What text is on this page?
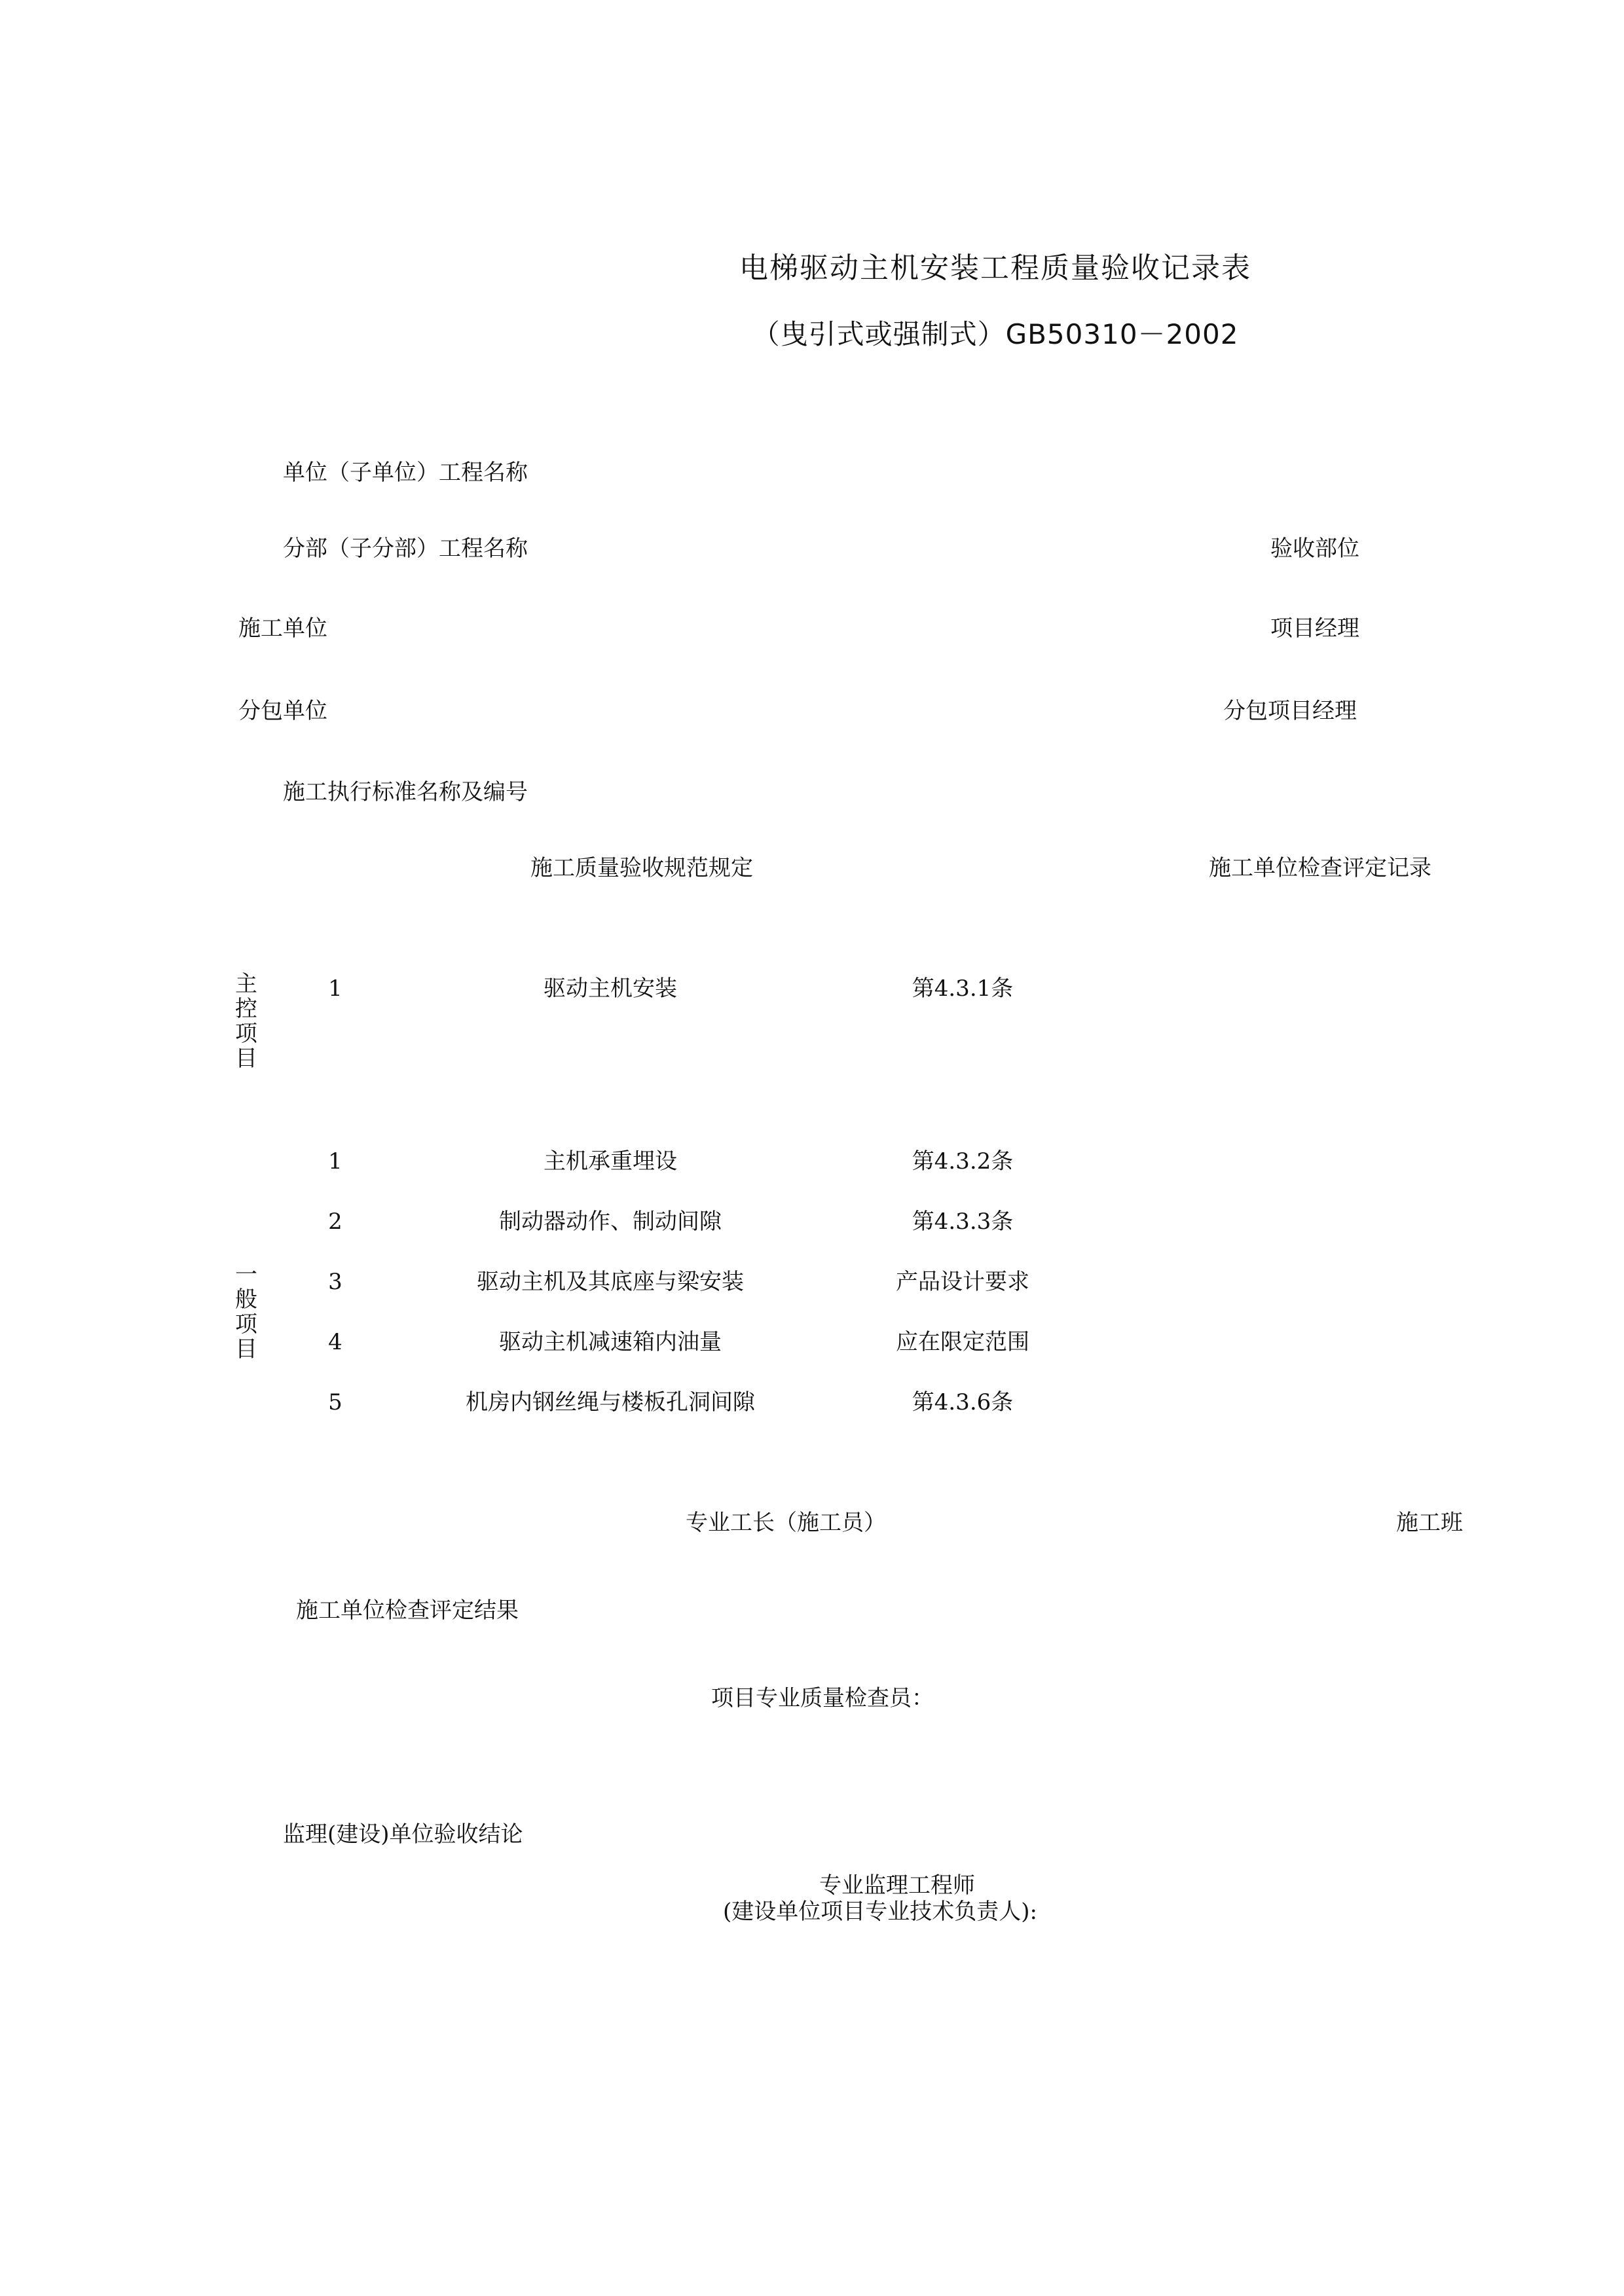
电梯驱动主机安装工程质量验收记录表
（曳引式或强制式）GB50310－2002
单位（子单位）工程名称
分部（子分部）工程名称	验收部位
施工单位	项目经理
分包单位	分包项目经理
施工执行标准名称及编号
施工质量验收规范规定	施工单位检查评定记录
主控项目
1	驱动主机安装	第4.3.1条
一般项目
1	主机承重埋设	第4.3.2条
2	制动器动作、制动间隙	第4.3.3条
3	驱动主机及其底座与梁安装	产品设计要求
4	驱动主机减速箱内油量	应在限定范围
5	机房内钢丝绳与楼板孔洞间隙	第4.3.6条
专业工长（施工员）	施工班
施工单位检查评定结果
项目专业质量检查员：
监理(建设)单位验收结论
专业监理工程师
(建设单位项目专业技术负责人):
